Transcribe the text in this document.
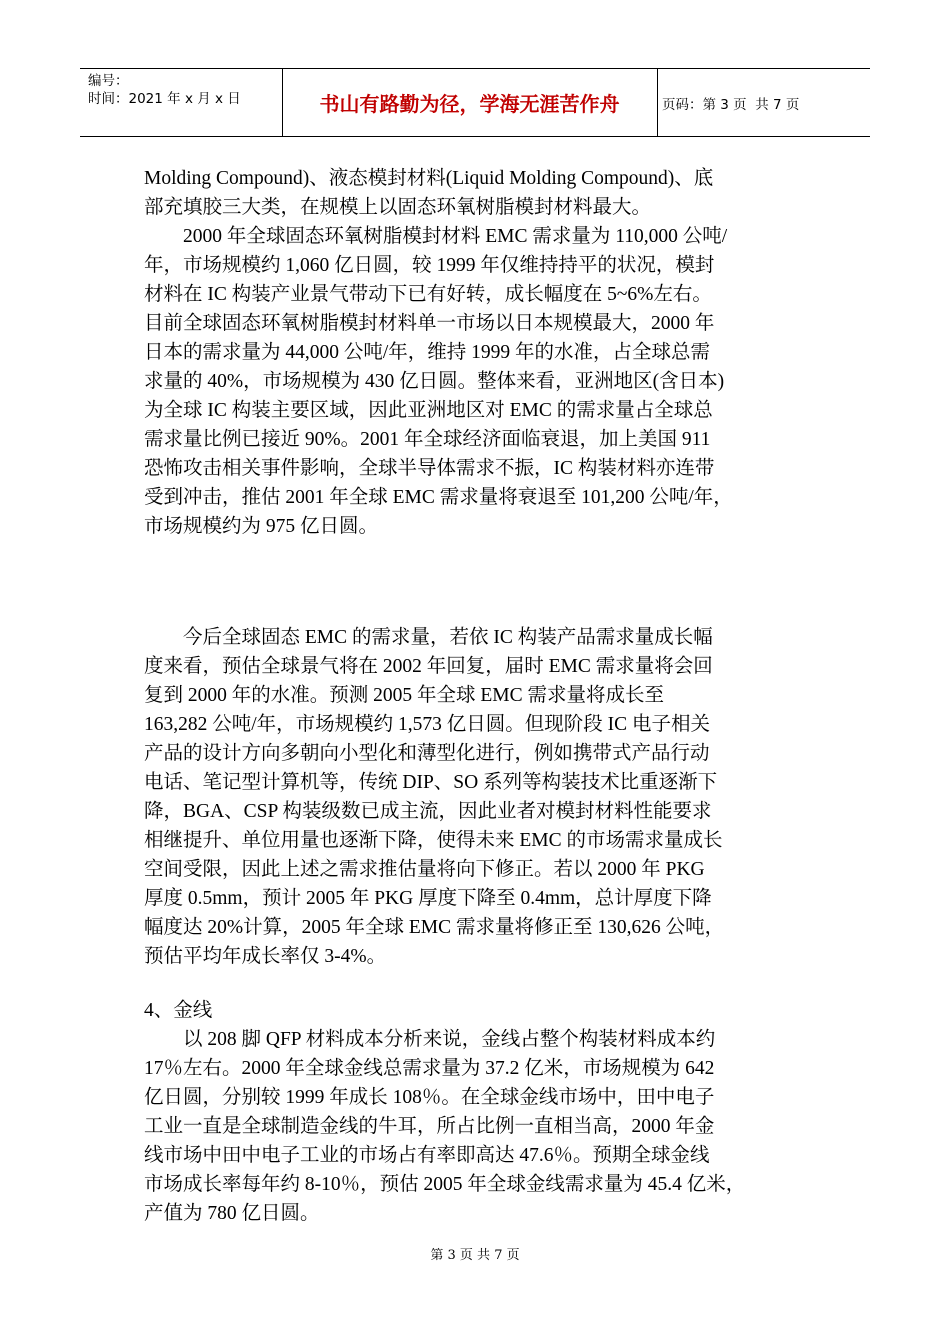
编号：
时间：2021 年 x 月 x 日	书山有路勤为径，学海无涯苦作舟	页码：第 3 页  共 7 页
Molding Compound)、液态模封材料(Liquid Molding Compound)、底
部充填胶三大类，在规模上以固态环氧树脂模封材料最大。
　　2000 年全球固态环氧树脂模封材料 EMC 需求量为 110,000 公吨/
年，市场规模约 1,060 亿日圆，较 1999 年仅维持持平的状况，模封
材料在 IC 构装产业景气带动下已有好转，成长幅度在 5~6%左右。
目前全球固态环氧树脂模封材料单一市场以日本规模最大，2000 年
日本的需求量为 44,000 公吨/年，维持 1999 年的水准，占全球总需
求量的 40%，市场规模为 430 亿日圆。整体来看，亚洲地区(含日本)
为全球 IC 构装主要区域，因此亚洲地区对 EMC 的需求量占全球总
需求量比例已接近 90%。2001 年全球经济面临衰退，加上美国 911
恐怖攻击相关事件影响，全球半导体需求不振，IC 构装材料亦连带
受到冲击，推估 2001 年全球 EMC 需求量将衰退至 101,200 公吨/年，
市场规模约为 975 亿日圆。
　　今后全球固态 EMC 的需求量，若依 IC 构装产品需求量成长幅
度来看，预估全球景气将在 2002 年回复，届时 EMC 需求量将会回
复到 2000 年的水准。预测 2005 年全球 EMC 需求量将成长至
163,282 公吨/年，市场规模约 1,573 亿日圆。但现阶段 IC 电子相关
产品的设计方向多朝向小型化和薄型化进行，例如携带式产品行动
电话、笔记型计算机等，传统 DIP、SO 系列等构装技术比重逐渐下
降，BGA、CSP 构装级数已成主流，因此业者对模封材料性能要求
相继提升、单位用量也逐渐下降，使得未来 EMC 的市场需求量成长
空间受限，因此上述之需求推估量将向下修正。若以 2000 年 PKG
厚度 0.5mm，预计 2005 年 PKG 厚度下降至 0.4mm，总计厚度下降
幅度达 20%计算，2005 年全球 EMC 需求量将修正至 130,626 公吨，
预估平均年成长率仅 3-4%。
4、金线
　　以 208 脚 QFP 材料成本分析来说，金线占整个构装材料成本约
17％左右。2000 年全球金线总需求量为 37.2 亿米，市场规模为 642
亿日圆，分别较 1999 年成长 108％。在全球金线市场中，田中电子
工业一直是全球制造金线的牛耳，所占比例一直相当高，2000 年金
线市场中田中电子工业的市场占有率即高达 47.6％。预期全球金线
市场成长率每年约 8-10％，预估 2005 年全球金线需求量为 45.4 亿米，
产值为 780 亿日圆。
第 3 页 共 7 页
